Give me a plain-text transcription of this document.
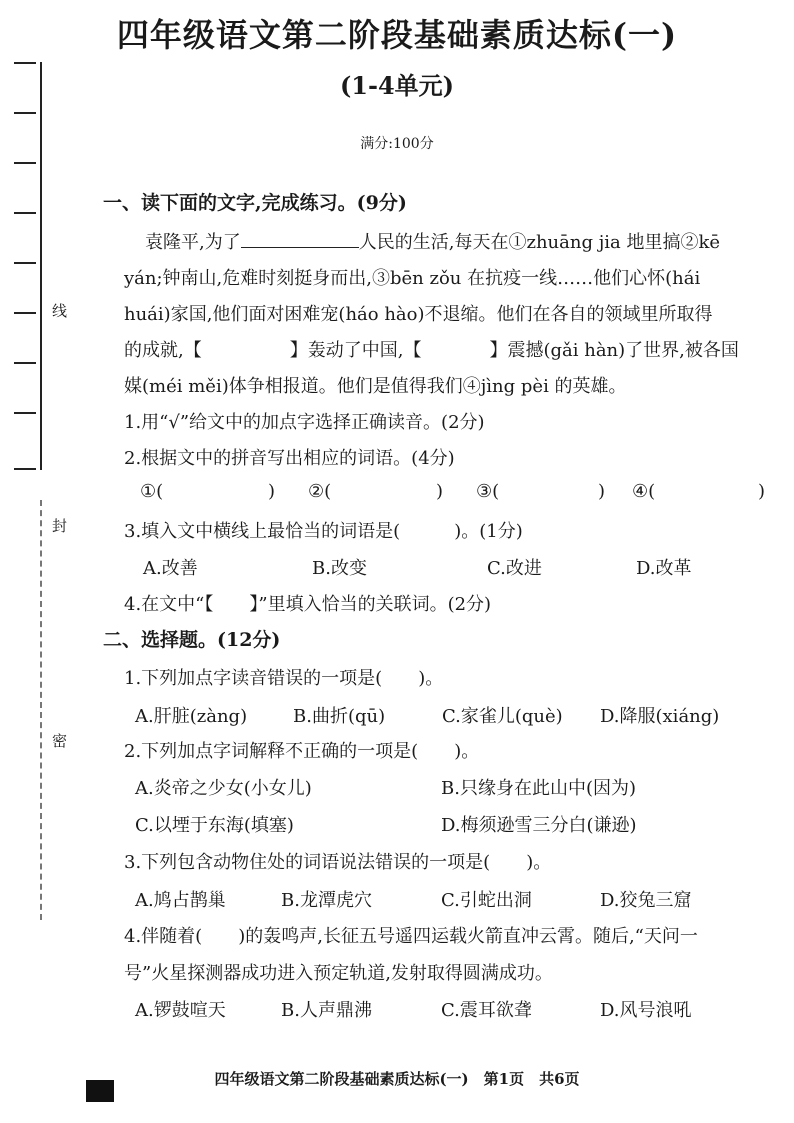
线
封
密
四年级语文第二阶段基础素质达标(一)
(1-4单元)
满分:100分
一、读下面的文字,完成练习。(9分)
袁隆平,为了	人民的生活,每天在①zhuāng jia 地里搞②kē
yán;钟南山,危难时刻挺身而出,③bēn zǒu 在抗疫一线……他们心怀(hái
huái)家国,他们面对困难宠(háo hào)不退缩。他们在各自的领域里所取得
的成就,【	】轰动了中国,【	】震撼(gǎi hàn)了世界,被各国
媒(méi měi)体争相报道。他们是值得我们④jìng pèi 的英雄。
1.用“√”给文中的加点字选择正确读音。(2分)
2.根据文中的拼音写出相应的词语。(4分)
①(	) ②(	) ③(	) ④(	)
3.填入文中横线上最恰当的词语是(　　　)。(1分)
A.改善	B.改变	C.改进	D.改革
4.在文中“【　　】”里填入恰当的关联词。(2分)
二、选择题。(12分)
1.下列加点字读音错误的一项是(　　)。
A.肝脏(zàng)	B.曲折(qū)	C.家雀儿(què) D.降服(xiáng)
2.下列加点字词解释不正确的一项是(　　)。
A.炎帝之少女(小女儿)	B.只缘身在此山中(因为)
C.以堙于东海(填塞)	D.梅须逊雪三分白(谦逊)
3.下列包含动物住处的词语说法错误的一项是(　　)。
A.鸠占鹊巢	B.龙潭虎穴	C.引蛇出洞	D.狡兔三窟
4.伴随着(　　)的轰鸣声,长征五号遥四运载火箭直冲云霄。随后,“天问一
号”火星探测器成功进入预定轨道,发射取得圆满成功。
A.锣鼓喧天	B.人声鼎沸	C.震耳欲聋	D.风号浪吼
四年级语文第二阶段基础素质达标(一)　第1页　共6页
